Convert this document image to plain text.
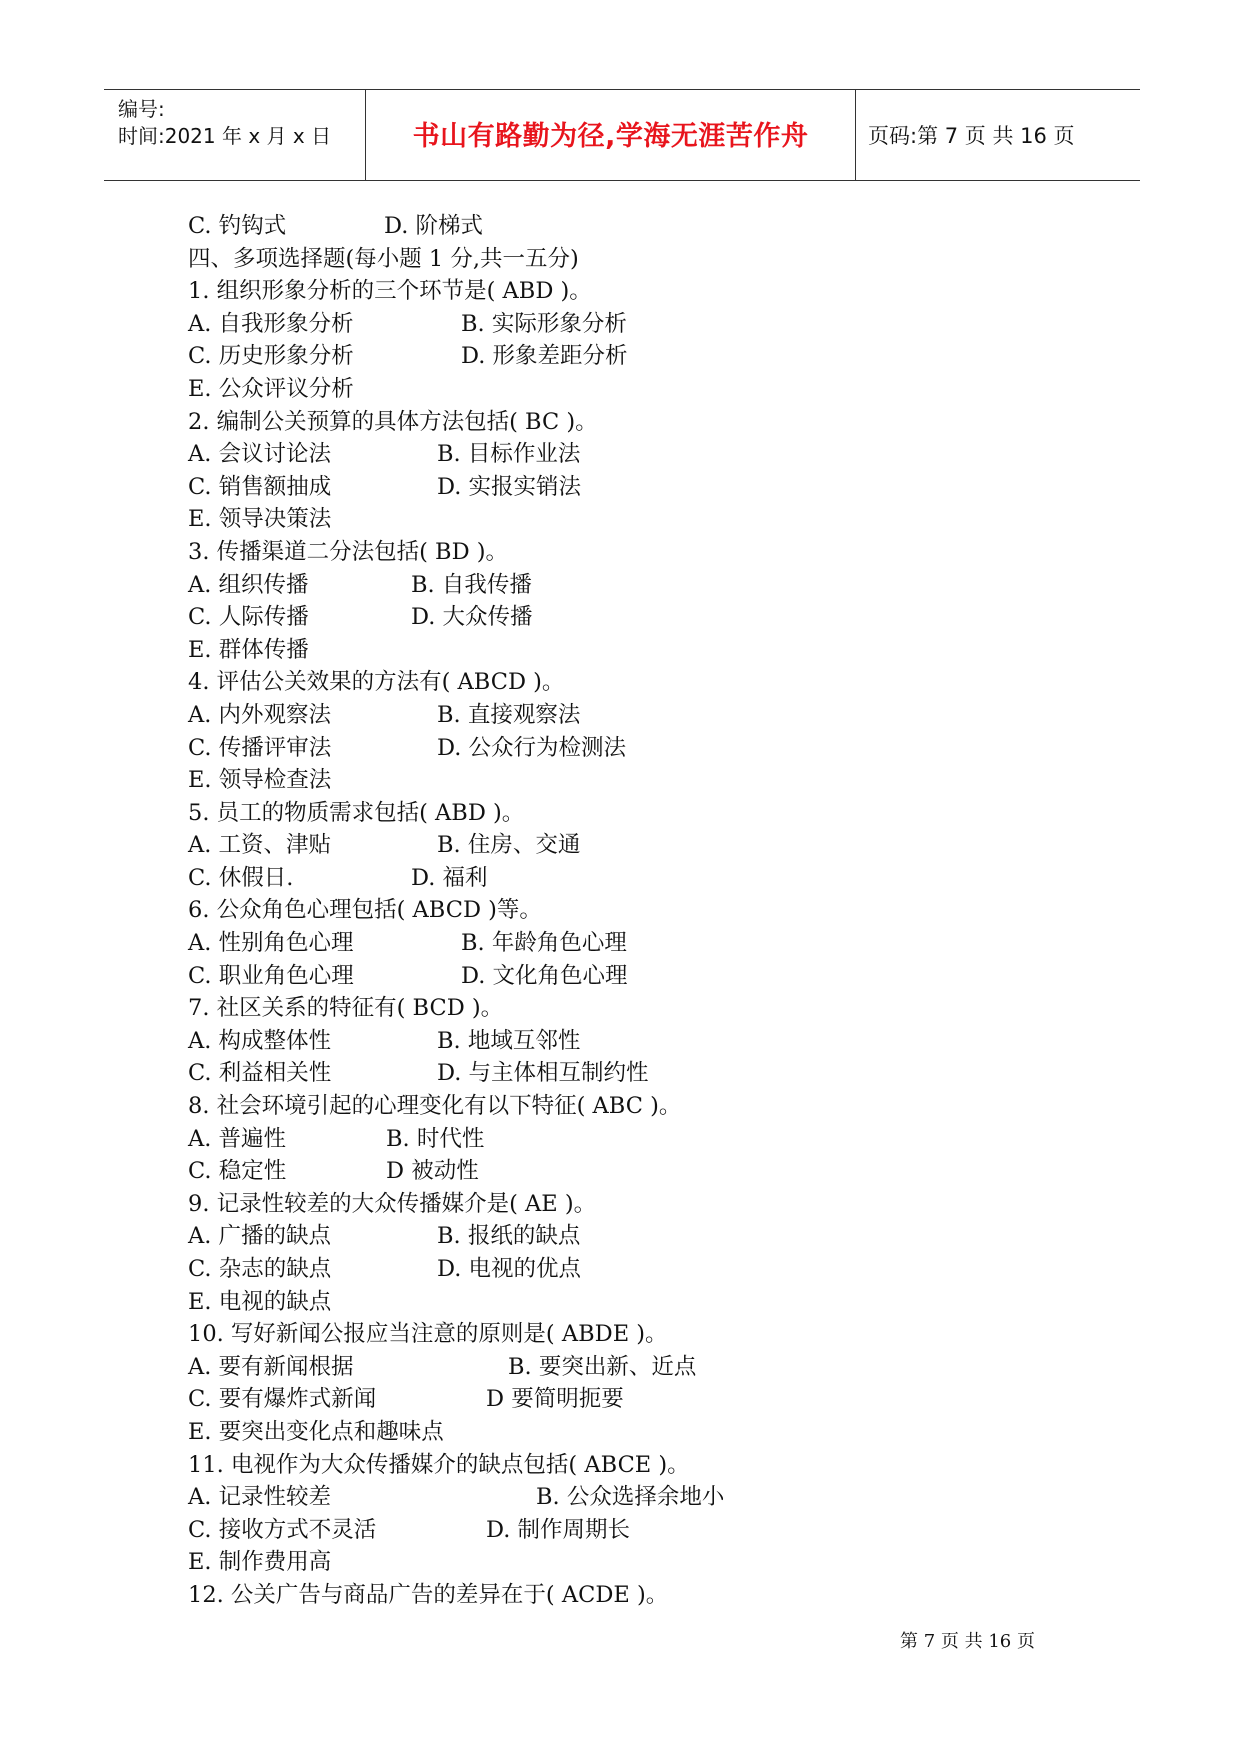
编号:
时间:2021 年 x 月 x 日	书山有路勤为径,学海无涯苦作舟	页码:第 7 页 共 16 页
C. 钓钩式	D. 阶梯式
四、多项选择题(每小题 1 分,共一五分)
1. 组织形象分析的三个环节是( ABD )。
A. 自我形象分析	B. 实际形象分析
C. 历史形象分析	D. 形象差距分析
E. 公众评议分析
2. 编制公关预算的具体方法包括( BC )。
A. 会议讨论法	B. 目标作业法
C. 销售额抽成	D. 实报实销法
E. 领导决策法
3. 传播渠道二分法包括( BD )。
A. 组织传播	B. 自我传播
C. 人际传播	D. 大众传播
E. 群体传播
4. 评估公关效果的方法有( ABCD )。
A. 内外观察法	B. 直接观察法
C. 传播评审法	D. 公众行为检测法
E. 领导检查法
5. 员工的物质需求包括( ABD )。
A. 工资、津贴	B. 住房、交通
C. 休假日.	D. 福利
6. 公众角色心理包括( ABCD )等。
A. 性别角色心理	B. 年龄角色心理
C. 职业角色心理	D. 文化角色心理
7. 社区关系的特征有( BCD )。
A. 构成整体性	B. 地域互邻性
C. 利益相关性	D. 与主体相互制约性
8. 社会环境引起的心理变化有以下特征( ABC )。
A. 普遍性	B. 时代性
C. 稳定性	D 被动性
9. 记录性较差的大众传播媒介是( AE )。
A. 广播的缺点	B. 报纸的缺点
C. 杂志的缺点	D. 电视的优点
E. 电视的缺点
10. 写好新闻公报应当注意的原则是( ABDE )。
A. 要有新闻根据	B. 要突出新、近点
C. 要有爆炸式新闻	D 要简明扼要
E. 要突出变化点和趣味点
11. 电视作为大众传播媒介的缺点包括( ABCE )。
A. 记录性较差	B. 公众选择余地小
C. 接收方式不灵活	D. 制作周期长
E. 制作费用高
12. 公关广告与商品广告的差异在于( ACDE )。
第 7 页 共 16 页
